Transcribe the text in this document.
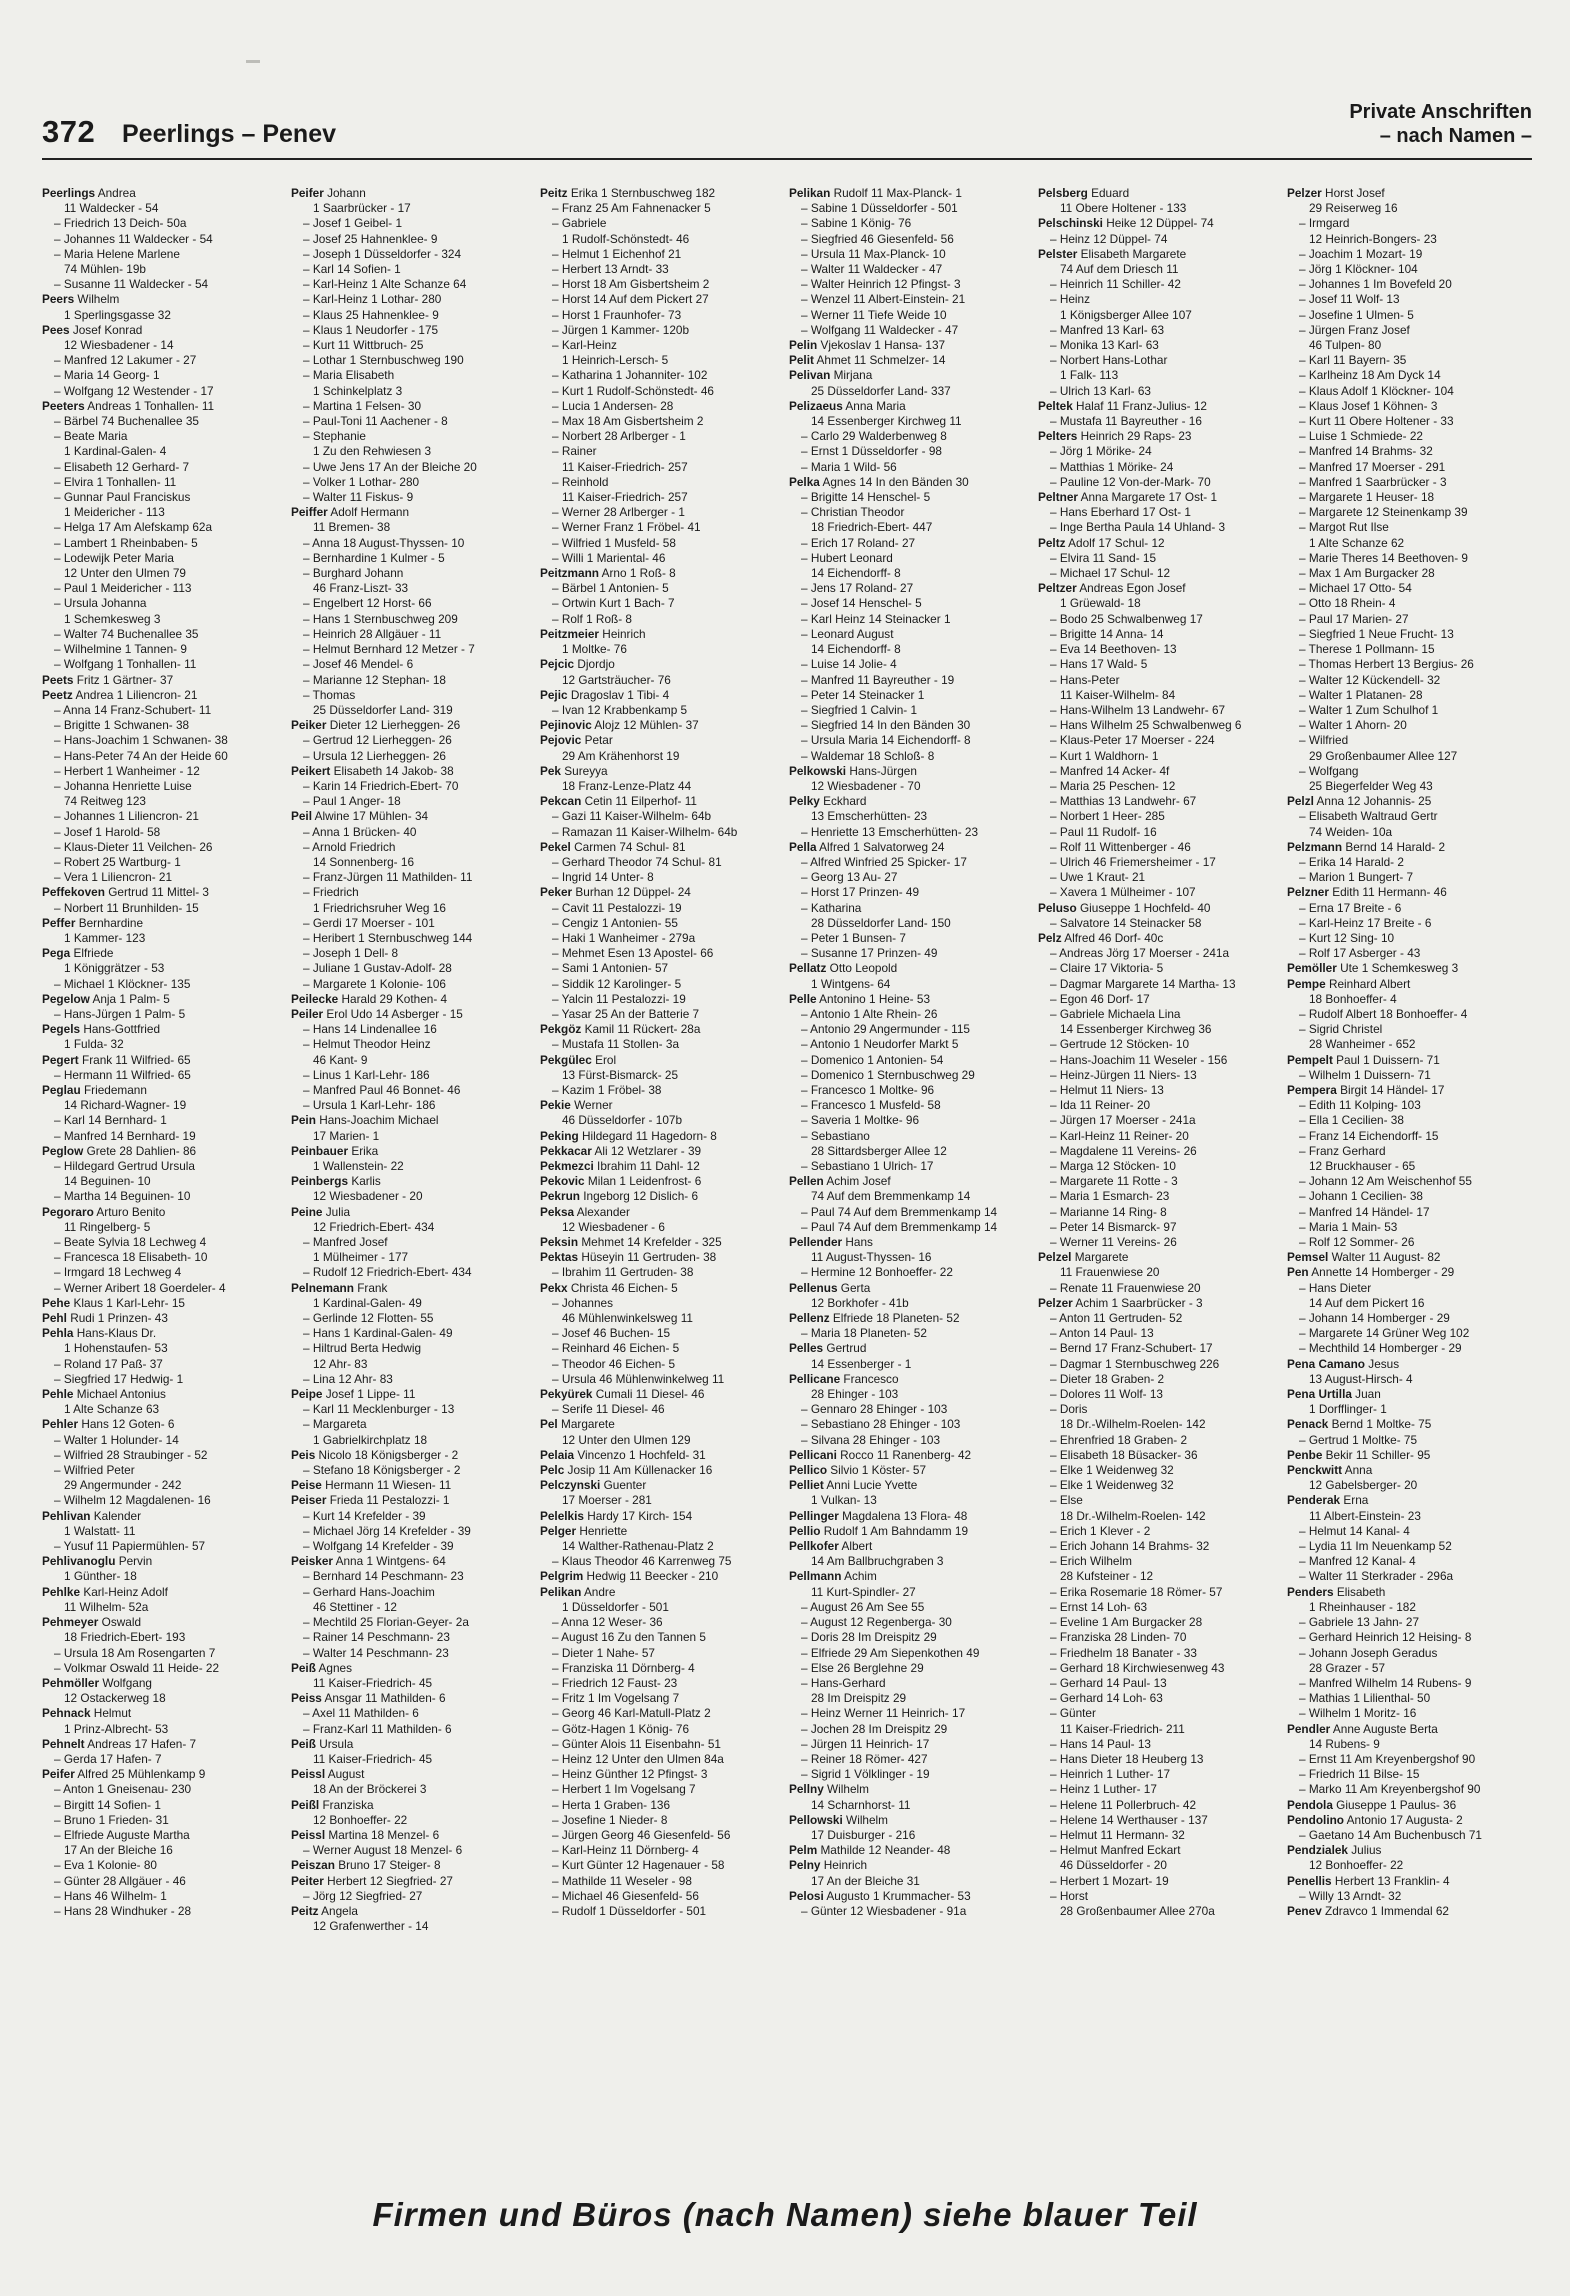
372 Peerlings – Penev
Private Anschriften
– nach Namen –
Peerlings Andrea
11 Waldecker - 54
– Friedrich 13 Deich- 50a
– Johannes 11 Waldecker - 54
– Maria Helene Marlene
74 Mühlen- 19b
– Susanne 11 Waldecker - 54
Peers Wilhelm
1 Sperlingsgasse 32
Pees Josef Konrad
12 Wiesbadener - 14
– Manfred 12 Lakumer - 27
– Maria 14 Georg- 1
– Wolfgang 12 Westender - 17
Peeters Andreas 1 Tonhallen- 11
– Bärbel 74 Buchenallee 35
– Beate Maria
1 Kardinal-Galen- 4
– Elisabeth 12 Gerhard- 7
– Elvira 1 Tonhallen- 11
– Gunnar Paul Franciskus
1 Meidericher - 113
– Helga 17 Am Alefskamp 62a
– Lambert 1 Rheinbaben- 5
– Lodewijk Peter Maria
12 Unter den Ulmen 79
– Paul 1 Meidericher - 113
– Ursula Johanna
1 Schemkesweg 3
– Walter 74 Buchenallee 35
– Wilhelmine 1 Tannen- 9
– Wolfgang 1 Tonhallen- 11
Peets Fritz 1 Gärtner- 37
Peetz Andrea 1 Liliencron- 21
– Anna 14 Franz-Schubert- 11
– Brigitte 1 Schwanen- 38
– Hans-Joachim 1 Schwanen- 38
– Hans-Peter 74 An der Heide 60
– Herbert 1 Wanheimer - 12
– Johanna Henriette Luise
74 Reitweg 123
– Johannes 1 Liliencron- 21
– Josef 1 Harold- 58
– Klaus-Dieter 11 Veilchen- 26
– Robert 25 Wartburg- 1
– Vera 1 Liliencron- 21
Peffekoven Gertrud 11 Mittel- 3
– Norbert 11 Brunhilden- 15
Peffer Bernhardine
1 Kammer- 123
Pega Elfriede
1 Königgrätzer - 53
– Michael 1 Klöckner- 135
Pegelow Anja 1 Palm- 5
– Hans-Jürgen 1 Palm- 5
Pegels Hans-Gottfried
1 Fulda- 32
Pegert Frank 11 Wilfried- 65
– Hermann 11 Wilfried- 65
Peglau Friedemann
14 Richard-Wagner- 19
– Karl 14 Bernhard- 1
– Manfred 14 Bernhard- 19
Peglow Grete 28 Dahlien- 86
– Hildegard Gertrud Ursula
14 Beguinen- 10
– Martha 14 Beguinen- 10
Pegoraro Arturo Benito
11 Ringelberg- 5
– Beate Sylvia 18 Lechweg 4
– Francesca 18 Elisabeth- 10
– Irmgard 18 Lechweg 4
– Werner Aribert 18 Goerdeler- 4
Pehe Klaus 1 Karl-Lehr- 15
Pehl Rudi 1 Prinzen- 43
Pehla Hans-Klaus Dr.
1 Hohenstaufen- 53
– Roland 17 Paß- 37
– Siegfried 17 Hedwig- 1
Pehle Michael Antonius
1 Alte Schanze 63
Pehler Hans 12 Goten- 6
– Walter 1 Holunder- 14
– Wilfried 28 Straubinger - 52
– Wilfried Peter
29 Angermunder - 242
– Wilhelm 12 Magdalenen- 16
Pehlivan Kalender
1 Walstatt- 11
– Yusuf 11 Papiermühlen- 57
Pehlivanoglu Pervin
1 Günther- 18
Pehlke Karl-Heinz Adolf
11 Wilhelm- 52a
Pehmeyer Oswald
18 Friedrich-Ebert- 193
– Ursula 18 Am Rosengarten 7
– Volkmar Oswald 11 Heide- 22
Pehmöller Wolfgang
12 Ostackerweg 18
Pehnack Helmut
1 Prinz-Albrecht- 53
Pehnelt Andreas 17 Hafen- 7
– Gerda 17 Hafen- 7
Peifer Alfred 25 Mühlenkamp 9
– Anton 1 Gneisenau- 230
– Birgitt 14 Sofien- 1
– Bruno 1 Frieden- 31
– Elfriede Auguste Martha
17 An der Bleiche 16
– Eva 1 Kolonie- 80
– Günter 28 Allgäuer - 46
– Hans 46 Wilhelm- 1
– Hans 28 Windhuker - 28
Peifer Johann
1 Saarbrücker - 17
– Josef 1 Geibel- 1
– Josef 25 Hahnenklee- 9
– Joseph 1 Düsseldorfer - 324
– Karl 14 Sofien- 1
– Karl-Heinz 1 Alte Schanze 64
– Karl-Heinz 1 Lothar- 280
– Klaus 25 Hahnenklee- 9
– Klaus 1 Neudorfer - 175
– Kurt 11 Wittbruch- 25
– Lothar 1 Sternbuschweg 190
– Maria Elisabeth
1 Schinkelplatz 3
– Martina 1 Felsen- 30
– Paul-Toni 11 Aachener - 8
– Stephanie
1 Zu den Rehwiesen 3
– Uwe Jens 17 An der Bleiche 20
– Volker 1 Lothar- 280
– Walter 11 Fiskus- 9
Peiffer Adolf Hermann
11 Bremen- 38
– Anna 18 August-Thyssen- 10
– Bernhardine 1 Kulmer - 5
– Burghard Johann
46 Franz-Liszt- 33
– Engelbert 12 Horst- 66
– Hans 1 Sternbuschweg 209
– Heinrich 28 Allgäuer - 11
– Helmut Bernhard 12 Metzer - 7
– Josef 46 Mendel- 6
– Marianne 12 Stephan- 18
– Thomas
25 Düsseldorfer Land- 319
Peiker Dieter 12 Lierheggen- 26
– Gertrud 12 Lierheggen- 26
– Ursula 12 Lierheggen- 26
Peikert Elisabeth 14 Jakob- 38
– Karin 14 Friedrich-Ebert- 70
– Paul 1 Anger- 18
Peil Alwine 17 Mühlen- 34
– Anna 1 Brücken- 40
– Arnold Friedrich
14 Sonnenberg- 16
– Franz-Jürgen 11 Mathilden- 11
– Friedrich
1 Friedrichsruher Weg 16
– Gerdi 17 Moerser - 101
– Heribert 1 Sternbuschweg 144
– Joseph 1 Dell- 8
– Juliane 1 Gustav-Adolf- 28
– Margarete 1 Kolonie- 106
Peilecke Harald 29 Kothen- 4
Peiler Erol Udo 14 Asberger - 15
– Hans 14 Lindenallee 16
– Helmut Theodor Heinz
46 Kant- 9
– Linus 1 Karl-Lehr- 186
– Manfred Paul 46 Bonnet- 46
– Ursula 1 Karl-Lehr- 186
Pein Hans-Joachim Michael
17 Marien- 1
Peinbauer Erika
1 Wallenstein- 22
Peinbergs Karlis
12 Wiesbadener - 20
Peine Julia
12 Friedrich-Ebert- 434
– Manfred Josef
1 Mülheimer - 177
– Rudolf 12 Friedrich-Ebert- 434
Pelnemann Frank
1 Kardinal-Galen- 49
– Gerlinde 12 Flotten- 55
– Hans 1 Kardinal-Galen- 49
– Hiltrud Berta Hedwig
12 Ahr- 83
– Lina 12 Ahr- 83
Peipe Josef 1 Lippe- 11
– Karl 11 Mecklenburger - 13
– Margareta
1 Gabrielkirchplatz 18
Peis Nicolo 18 Königsberger - 2
– Stefano 18 Königsberger - 2
Peise Hermann 11 Wiesen- 11
Peiser Frieda 11 Pestalozzi- 1
– Kurt 14 Krefelder - 39
– Michael Jörg 14 Krefelder - 39
– Wolfgang 14 Krefelder - 39
Peisker Anna 1 Wintgens- 64
– Bernhard 14 Peschmann- 23
– Gerhard Hans-Joachim
46 Stettiner - 12
– Mechtild 25 Florian-Geyer- 2a
– Rainer 14 Peschmann- 23
– Walter 14 Peschmann- 23
Peiß Agnes
11 Kaiser-Friedrich- 45
Peiss Ansgar 11 Mathilden- 6
– Axel 11 Mathilden- 6
– Franz-Karl 11 Mathilden- 6
Peiß Ursula
11 Kaiser-Friedrich- 45
Peissl August
18 An der Bröckerei 3
Peißl Franziska
12 Bonhoeffer- 22
Peissl Martina 18 Menzel- 6
– Werner August 18 Menzel- 6
Peiszan Bruno 17 Steiger- 8
Peiter Herbert 12 Siegfried- 27
– Jörg 12 Siegfried- 27
Peitz Angela
12 Grafenwerther - 14
Peitz Erika 1 Sternbuschweg 182
– Franz 25 Am Fahnenacker 5
– Gabriele
1 Rudolf-Schönstedt- 46
– Helmut 1 Eichenhof 21
– Herbert 13 Arndt- 33
– Horst 18 Am Gisbertsheim 2
– Horst 14 Auf dem Pickert 27
– Horst 1 Fraunhofer- 73
– Jürgen 1 Kammer- 120b
– Karl-Heinz
1 Heinrich-Lersch- 5
– Katharina 1 Johanniter- 102
– Kurt 1 Rudolf-Schönstedt- 46
– Lucia 1 Andersen- 28
– Max 18 Am Gisbertsheim 2
– Norbert 28 Arlberger - 1
– Rainer
11 Kaiser-Friedrich- 257
– Reinhold
11 Kaiser-Friedrich- 257
– Werner 28 Arlberger - 1
– Werner Franz 1 Fröbel- 41
– Wilfried 1 Musfeld- 58
– Willi 1 Mariental- 46
Peitzmann Arno 1 Roß- 8
– Bärbel 1 Antonien- 5
– Ortwin Kurt 1 Bach- 7
– Rolf 1 Roß- 8
Peitzmeier Heinrich
1 Moltke- 76
Pejcic Djordjo
12 Gartsträucher- 76
Pejic Dragoslav 1 Tibi- 4
– Ivan 12 Krabbenkamp 5
Pejinovic Alojz 12 Mühlen- 37
Pejovic Petar
29 Am Krähenhorst 19
Pek Sureyya
18 Franz-Lenze-Platz 44
Pekcan Cetin 11 Eilperhof- 11
– Gazi 11 Kaiser-Wilhelm- 64b
– Ramazan 11 Kaiser-Wilhelm- 64b
Pekel Carmen 74 Schul- 81
– Gerhard Theodor 74 Schul- 81
– Ingrid 14 Unter- 8
Peker Burhan 12 Düppel- 24
– Cavit 11 Pestalozzi- 19
– Cengiz 1 Antonien- 55
– Haki 1 Wanheimer - 279a
– Mehmet Esen 13 Apostel- 66
– Sami 1 Antonien- 57
– Siddik 12 Karolinger- 5
– Yalcin 11 Pestalozzi- 19
– Yasar 25 An der Batterie 7
Pekgöz Kamil 11 Rückert- 28a
– Mustafa 11 Stollen- 3a
Pekgülec Erol
13 Fürst-Bismarck- 25
– Kazim 1 Fröbel- 38
Pekie Werner
46 Düsseldorfer - 107b
Peking Hildegard 11 Hagedorn- 8
Pekkacar Ali 12 Wetzlarer - 39
Pekmezci Ibrahim 11 Dahl- 12
Pekovic Milan 1 Leidenfrost- 6
Pekrun Ingeborg 12 Dislich- 6
Peksa Alexander
12 Wiesbadener - 6
Peksin Mehmet 14 Krefelder - 325
Pektas Hüseyin 11 Gertruden- 38
– Ibrahim 11 Gertruden- 38
Pekx Christa 46 Eichen- 5
– Johannes
46 Mühlenwinkelsweg 11
– Josef 46 Buchen- 15
– Reinhard 46 Eichen- 5
– Theodor 46 Eichen- 5
– Ursula 46 Mühlenwinkelweg 11
Pekyürek Cumali 11 Diesel- 46
– Serife 11 Diesel- 46
Pel Margarete
12 Unter den Ulmen 129
Pelaia Vincenzo 1 Hochfeld- 31
Pelc Josip 11 Am Küllenacker 16
Pelczynski Guenter
17 Moerser - 281
Pelelkis Hardy 17 Kirch- 154
Pelger Henriette
14 Walther-Rathenau-Platz 2
– Klaus Theodor 46 Karrenweg 75
Pelgrim Hedwig 11 Beecker - 210
Pelikan Andre
1 Düsseldorfer - 501
– Anna 12 Weser- 36
– August 16 Zu den Tannen 5
– Dieter 1 Nahe- 57
– Franziska 11 Dörnberg- 4
– Friedrich 12 Faust- 23
– Fritz 1 Im Vogelsang 7
– Georg 46 Karl-Matull-Platz 2
– Götz-Hagen 1 König- 76
– Günter Alois 11 Eisenbahn- 51
– Heinz 12 Unter den Ulmen 84a
– Heinz Günther 12 Pfingst- 3
– Herbert 1 Im Vogelsang 7
– Herta 1 Graben- 136
– Josefine 1 Nieder- 8
– Jürgen Georg 46 Giesenfeld- 56
– Karl-Heinz 11 Dörnberg- 4
– Kurt Günter 12 Hagenauer - 58
– Mathilde 11 Weseler - 98
– Michael 46 Giesenfeld- 56
– Rudolf 1 Düsseldorfer - 501
Pelikan Rudolf 11 Max-Planck- 1
– Sabine 1 Düsseldorfer - 501
– Sabine 1 König- 76
– Siegfried 46 Giesenfeld- 56
– Ursula 11 Max-Planck- 10
– Walter 11 Waldecker - 47
– Walter Heinrich 12 Pfingst- 3
– Wenzel 11 Albert-Einstein- 21
– Werner 11 Tiefe Weide 10
– Wolfgang 11 Waldecker - 47
Pelin Vjekoslav 1 Hansa- 137
Pelit Ahmet 11 Schmelzer- 14
Pelivan Mirjana
25 Düsseldorfer Land- 337
Pelizaeus Anna Maria
14 Essenberger Kirchweg 11
– Carlo 29 Walderbenweg 8
– Ernst 1 Düsseldorfer - 98
– Maria 1 Wild- 56
Pelka Agnes 14 In den Bänden 30
– Brigitte 14 Henschel- 5
– Christian Theodor
18 Friedrich-Ebert- 447
– Erich 17 Roland- 27
– Hubert Leonard
14 Eichendorff- 8
– Jens 17 Roland- 27
– Josef 14 Henschel- 5
– Karl Heinz 14 Steinacker 1
– Leonard August
14 Eichendorff- 8
– Luise 14 Jolie- 4
– Manfred 11 Bayreuther - 19
– Peter 14 Steinacker 1
– Siegfried 1 Calvin- 1
– Siegfried 14 In den Bänden 30
– Ursula Maria 14 Eichendorff- 8
– Waldemar 18 Schloß- 8
Pelkowski Hans-Jürgen
12 Wiesbadener - 70
Pelky Eckhard
13 Emscherhütten- 23
– Henriette 13 Emscherhütten- 23
Pella Alfred 1 Salvatorweg 24
– Alfred Winfried 25 Spicker- 17
– Georg 13 Au- 27
– Horst 17 Prinzen- 49
– Katharina
28 Düsseldorfer Land- 150
– Peter 1 Bunsen- 7
– Susanne 17 Prinzen- 49
Pellatz Otto Leopold
1 Wintgens- 64
Pelle Antonino 1 Heine- 53
– Antonio 1 Alte Rhein- 26
– Antonio 29 Angermunder - 115
– Antonio 1 Neudorfer Markt 5
– Domenico 1 Antonien- 54
– Domenico 1 Sternbuschweg 29
– Francesco 1 Moltke- 96
– Francesco 1 Musfeld- 58
– Saveria 1 Moltke- 96
– Sebastiano
28 Sittardsberger Allee 12
– Sebastiano 1 Ulrich- 17
Pellen Achim Josef
74 Auf dem Bremmenkamp 14
– Paul 74 Auf dem Bremmenkamp 14
– Paul 74 Auf dem Bremmenkamp 14
Pellender Hans
11 August-Thyssen- 16
– Hermine 12 Bonhoeffer- 22
Pellenus Gerta
12 Borkhofer - 41b
Pellenz Elfriede 18 Planeten- 52
– Maria 18 Planeten- 52
Pelles Gertrud
14 Essenberger - 1
Pellicane Francesco
28 Ehinger - 103
– Gennaro 28 Ehinger - 103
– Sebastiano 28 Ehinger - 103
– Silvana 28 Ehinger - 103
Pellicani Rocco 11 Ranenberg- 42
Pellico Silvio 1 Köster- 57
Pelliet Anni Lucie Yvette
1 Vulkan- 13
Pellinger Magdalena 13 Flora- 48
Pellio Rudolf 1 Am Bahndamm 19
Pellkofer Albert
14 Am Ballbruchgraben 3
Pellmann Achim
11 Kurt-Spindler- 27
– August 26 Am See 55
– August 12 Regenberga- 30
– Doris 28 Im Dreispitz 29
– Elfriede 29 Am Siepenkothen 49
– Else 26 Berglehne 29
– Hans-Gerhard
28 Im Dreispitz 29
– Heinz Werner 11 Heinrich- 17
– Jochen 28 Im Dreispitz 29
– Jürgen 11 Heinrich- 17
– Reiner 18 Römer- 427
– Sigrid 1 Völklinger - 19
Pellny Wilhelm
14 Scharnhorst- 11
Pellowski Wilhelm
17 Duisburger - 216
Pelm Mathilde 12 Neander- 48
Pelny Heinrich
17 An der Bleiche 31
Pelosi Augusto 1 Krummacher- 53
– Günter 12 Wiesbadener - 91a
Pelsberg Eduard
11 Obere Holtener - 133
Pelschinski Heike 12 Düppel- 74
– Heinz 12 Düppel- 74
Pelster Elisabeth Margarete
74 Auf dem Driesch 11
– Heinrich 11 Schiller- 42
– Heinz
1 Königsberger Allee 107
– Manfred 13 Karl- 63
– Monika 13 Karl- 63
– Norbert Hans-Lothar
1 Falk- 113
– Ulrich 13 Karl- 63
Peltek Halaf 11 Franz-Julius- 12
– Mustafa 11 Bayreuther - 16
Pelters Heinrich 29 Raps- 23
– Jörg 1 Mörike- 24
– Matthias 1 Mörike- 24
– Pauline 12 Von-der-Mark- 70
Peltner Anna Margarete 17 Ost- 1
– Hans Eberhard 17 Ost- 1
– Inge Bertha Paula 14 Uhland- 3
Peltz Adolf 17 Schul- 12
– Elvira 11 Sand- 15
– Michael 17 Schul- 12
Peltzer Andreas Egon Josef
1 Grüewald- 18
– Bodo 25 Schwalbenweg 17
– Brigitte 14 Anna- 14
– Eva 14 Beethoven- 13
– Hans 17 Wald- 5
– Hans-Peter
11 Kaiser-Wilhelm- 84
– Hans-Wilhelm 13 Landwehr- 67
– Hans Wilhelm 25 Schwalbenweg 6
– Klaus-Peter 17 Moerser - 224
– Kurt 1 Waldhorn- 1
– Manfred 14 Acker- 4f
– Maria 25 Peschen- 12
– Matthias 13 Landwehr- 67
– Norbert 1 Heer- 285
– Paul 11 Rudolf- 16
– Rolf 11 Wittenberger - 46
– Ulrich 46 Friemersheimer - 17
– Uwe 1 Kraut- 21
– Xavera 1 Mülheimer - 107
Peluso Giuseppe 1 Hochfeld- 40
– Salvatore 14 Steinacker 58
Pelz Alfred 46 Dorf- 40c
– Andreas Jörg 17 Moerser - 241a
– Claire 17 Viktoria- 5
– Dagmar Margarete 14 Martha- 13
– Egon 46 Dorf- 17
– Gabriele Michaela Lina
14 Essenberger Kirchweg 36
– Gertrude 12 Stöcken- 10
– Hans-Joachim 11 Weseler - 156
– Heinz-Jürgen 11 Niers- 13
– Helmut 11 Niers- 13
– Ida 11 Reiner- 20
– Jürgen 17 Moerser - 241a
– Karl-Heinz 11 Reiner- 20
– Magdalene 11 Vereins- 26
– Marga 12 Stöcken- 10
– Margarete 11 Rotte - 3
– Maria 1 Esmarch- 23
– Marianne 14 Ring- 8
– Peter 14 Bismarck- 97
– Werner 11 Vereins- 26
Pelzel Margarete
11 Frauenwiese 20
– Renate 11 Frauenwiese 20
Pelzer Achim 1 Saarbrücker - 3
– Anton 11 Gertruden- 52
– Anton 14 Paul- 13
– Bernd 17 Franz-Schubert- 17
– Dagmar 1 Sternbuschweg 226
– Dieter 18 Graben- 2
– Dolores 11 Wolf- 13
– Doris
18 Dr.-Wilhelm-Roelen- 142
– Ehrenfried 18 Graben- 2
– Elisabeth 18 Büsacker- 36
– Elke 1 Weidenweg 32
– Elke 1 Weidenweg 32
– Else
18 Dr.-Wilhelm-Roelen- 142
– Erich 1 Klever - 2
– Erich Johann 14 Brahms- 32
– Erich Wilhelm
28 Kufsteiner - 12
– Erika Rosemarie 18 Römer- 57
– Ernst 14 Loh- 63
– Eveline 1 Am Burgacker 28
– Franziska 28 Linden- 70
– Friedhelm 18 Banater - 33
– Gerhard 18 Kirchwiesenweg 43
– Gerhard 14 Paul- 13
– Gerhard 14 Loh- 63
– Günter
11 Kaiser-Friedrich- 211
– Hans 14 Paul- 13
– Hans Dieter 18 Heuberg 13
– Heinrich 1 Luther- 17
– Heinz 1 Luther- 17
– Helene 11 Pollerbruch- 42
– Helene 14 Werthauser - 137
– Helmut 11 Hermann- 32
– Helmut Manfred Eckart
46 Düsseldorfer - 20
– Herbert 1 Mozart- 19
– Horst
28 Großenbaumer Allee 270a
Pelzer Horst Josef
29 Reiserweg 16
– Irmgard
12 Heinrich-Bongers- 23
– Joachim 1 Mozart- 19
– Jörg 1 Klöckner- 104
– Johannes 1 Im Bovefeld 20
– Josef 11 Wolf- 13
– Josefine 1 Ulmen- 5
– Jürgen Franz Josef
46 Tulpen- 80
– Karl 11 Bayern- 35
– Karlheinz 18 Am Dyck 14
– Klaus Adolf 1 Klöckner- 104
– Klaus Josef 1 Köhnen- 3
– Kurt 11 Obere Holtener - 33
– Luise 1 Schmiede- 22
– Manfred 14 Brahms- 32
– Manfred 17 Moerser - 291
– Manfred 1 Saarbrücker - 3
– Margarete 1 Heuser- 18
– Margarete 12 Steinenkamp 39
– Margot Rut Ilse
1 Alte Schanze 62
– Marie Theres 14 Beethoven- 9
– Max 1 Am Burgacker 28
– Michael 17 Otto- 54
– Otto 18 Rhein- 4
– Paul 17 Marien- 27
– Siegfried 1 Neue Frucht- 13
– Therese 1 Pollmann- 15
– Thomas Herbert 13 Bergius- 26
– Walter 12 Kückendell- 32
– Walter 1 Platanen- 28
– Walter 1 Zum Schulhof 1
– Walter 1 Ahorn- 20
– Wilfried
29 Großenbaumer Allee 127
– Wolfgang
25 Biegerfelder Weg 43
Pelzl Anna 12 Johannis- 25
– Elisabeth Waltraud Gertr
74 Weiden- 10a
Pelzmann Bernd 14 Harald- 2
– Erika 14 Harald- 2
– Marion 1 Bungert- 7
Pelzner Edith 11 Hermann- 46
– Erna 17 Breite - 6
– Karl-Heinz 17 Breite - 6
– Kurt 12 Sing- 10
– Rolf 17 Asberger - 43
Pemöller Ute 1 Schemkesweg 3
Pempe Reinhard Albert
18 Bonhoeffer- 4
– Rudolf Albert 18 Bonhoeffer- 4
– Sigrid Christel
28 Wanheimer - 652
Pempelt Paul 1 Duissern- 71
– Wilhelm 1 Duissern- 71
Pempera Birgit 14 Händel- 17
– Edith 11 Kolping- 103
– Ella 1 Cecilien- 38
– Franz 14 Eichendorff- 15
– Franz Gerhard
12 Bruckhauser - 65
– Johann 12 Am Weischenhof 55
– Johann 1 Cecilien- 38
– Manfred 14 Händel- 17
– Maria 1 Main- 53
– Rolf 12 Sommer- 26
Pemsel Walter 11 August- 82
Pen Annette 14 Homberger - 29
– Hans Dieter
14 Auf dem Pickert 16
– Johann 14 Homberger - 29
– Margarete 14 Grüner Weg 102
– Mechthild 14 Homberger - 29
Pena Camano Jesus
13 August-Hirsch- 4
Pena Urtilla Juan
1 Dorfflinger- 1
Penack Bernd 1 Moltke- 75
– Gertrud 1 Moltke- 75
Penbe Bekir 11 Schiller- 95
Penckwitt Anna
12 Gabelsberger- 20
Penderak Erna
11 Albert-Einstein- 23
– Helmut 14 Kanal- 4
– Lydia 11 Im Neuenkamp 52
– Manfred 12 Kanal- 4
– Walter 11 Sterkrader - 296a
Penders Elisabeth
1 Rheinhauser - 182
– Gabriele 13 Jahn- 27
– Gerhard Heinrich 12 Heising- 8
– Johann Joseph Geradus
28 Grazer - 57
– Manfred Wilhelm 14 Rubens- 9
– Mathias 1 Lilienthal- 50
– Wilhelm 1 Moritz- 16
Pendler Anne Auguste Berta
14 Rubens- 9
– Ernst 11 Am Kreyenbergshof 90
– Friedrich 11 Bilse- 15
– Marko 11 Am Kreyenbergshof 90
Pendola Giuseppe 1 Paulus- 36
Pendolino Antonio 17 Augusta- 2
– Gaetano 14 Am Buchenbusch 71
Pendzialek Julius
12 Bonhoeffer- 22
Penellis Herbert 13 Franklin- 4
– Willy 13 Arndt- 32
Penev Zdravco 1 Immendal 62
Firmen und Büros (nach Namen) siehe blauer Teil
